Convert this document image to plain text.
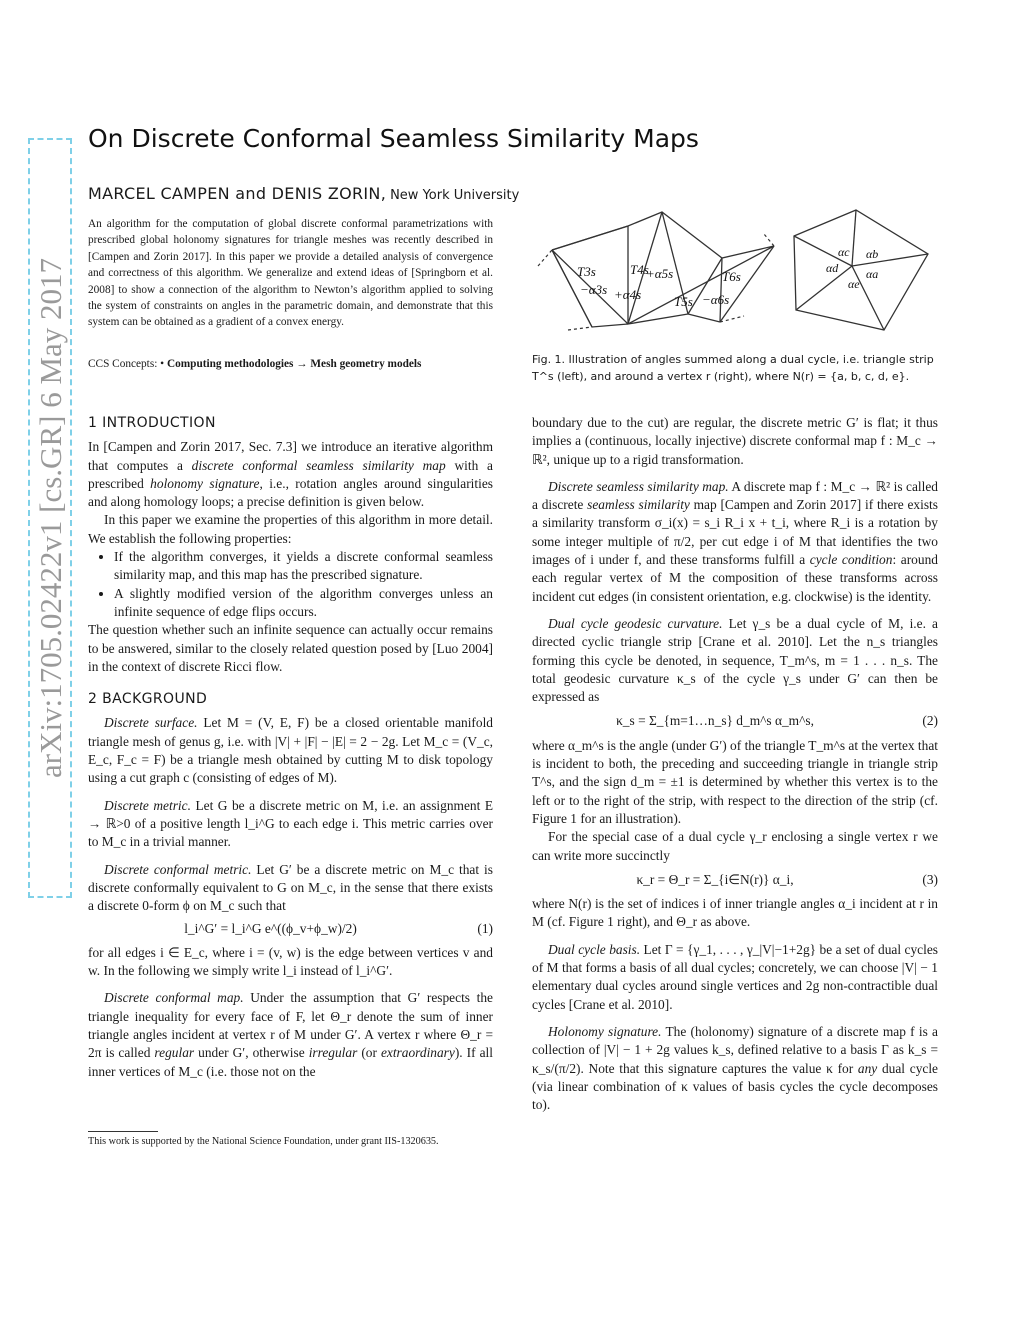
arXiv:1705.02422v1 [cs.GR] 6 May 2017
On Discrete Conformal Seamless Similarity Maps
MARCEL CAMPEN and DENIS ZORIN, New York University
An algorithm for the computation of global discrete conformal parametrizations with prescribed global holonomy signatures for triangle meshes was recently described in [Campen and Zorin 2017]. In this paper we provide a detailed analysis of convergence and correctness of this algorithm. We generalize and extend ideas of [Springborn et al. 2008] to show a connection of the algorithm to Newton’s algorithm applied to solving the system of constraints on angles in the parametric domain, and demonstrate that this system can be obtained as a gradient of a convex energy.
CCS Concepts: • Computing methodologies → Mesh geometry models
1 INTRODUCTION

In [Campen and Zorin 2017, Sec. 7.3] we introduce an iterative algorithm that computes a discrete conformal seamless similarity map with a prescribed holonomy signature, i.e., rotation angles around singularities and along homology loops; a precise definition is given below.

In this paper we examine the properties of this algorithm in more detail. We establish the following properties:

• If the algorithm converges, it yields a discrete conformal seamless similarity map, and this map has the prescribed signature.
• A slightly modified version of the algorithm converges unless an infinite sequence of edge flips occurs.

The question whether such an infinite sequence can actually occur remains to be answered, similar to the closely related question posed by [Luo 2004] in the context of discrete Ricci flow.

2 BACKGROUND

Discrete surface. Let M = (V, E, F) be a closed orientable manifold triangle mesh of genus g, i.e. with |V| + |F| − |E| = 2 − 2g. Let M_c = (V_c, E_c, F_c = F) be a triangle mesh obtained by cutting M to disk topology using a cut graph c (consisting of edges of M).

Discrete metric. Let G be a discrete metric on M, i.e. an assignment E → ℝ>0 of a positive length l_i^G to each edge i. This metric carries over to M_c in a trivial manner.

Discrete conformal metric. Let G′ be a discrete metric on M_c that is discrete conformally equivalent to G on M_c, in the sense that there exists a discrete 0-form ϕ on M_c such that

l_i^G′ = l_i^G e^((ϕ_v+ϕ_w)/2)	(1)

for all edges i ∈ E_c, where i = (v, w) is the edge between vertices v and w. In the following we simply write l_i instead of l_i^G′.

Discrete conformal map. Under the assumption that G′ respects the triangle inequality for every face of F, let Θ_r denote the sum of inner triangle angles incident at vertex r of M under G′. A vertex r where Θ_r = 2π is called regular under G′, otherwise irregular (or extraordinary). If all inner vertices of M_c (i.e. those not on the

This work is supported by the National Science Foundation, under grant IIS-1320635.
T3s	T4s
T5s
T6s
−α3s +α4s
+α5s
−α6s
αc αb
αd αa
αe
Fig. 1. Illustration of angles summed along a dual cycle, i.e. triangle strip T^s (left), and around a vertex r (right), where N(r) = {a, b, c, d, e}.

boundary due to the cut) are regular, the discrete metric G′ is flat; it thus implies a (continuous, locally injective) discrete conformal map f : M_c → ℝ², unique up to a rigid transformation.

Discrete seamless similarity map. A discrete map f : M_c → ℝ² is called a discrete seamless similarity map [Campen and Zorin 2017] if there exists a similarity transform σ_i(x) = s_i R_i x + t_i, where R_i is a rotation by some integer multiple of π/2, per cut edge i of M that identifies the two images of i under f, and these transforms fulfill a cycle condition: around each regular vertex of M the composition of these transforms across incident cut edges (in consistent orientation, e.g. clockwise) is the identity.

Dual cycle geodesic curvature. Let γ_s be a dual cycle of M, i.e. a directed cyclic triangle strip [Crane et al. 2010]. Let the n_s triangles forming this cycle be denoted, in sequence, T_m^s, m = 1 . . . n_s. The total geodesic curvature κ_s of the cycle γ_s under G′ can then be expressed as

κ_s = Σ_{m=1…n_s} d_m^s α_m^s,	(2)

where α_m^s is the angle (under G′) of the triangle T_m^s at the vertex that is incident to both, the preceding and succeeding triangle in triangle strip T^s, and the sign d_m = ±1 is determined by whether this vertex is to the left or to the right of the strip, with respect to the direction of the strip (cf. Figure 1 for an illustration).

For the special case of a dual cycle γ_r enclosing a single vertex r we can write more succinctly

κ_r = Θ_r = Σ_{i∈N(r)} α_i,	(3)

where N(r) is the set of indices i of inner triangle angles α_i incident at r in M (cf. Figure 1 right), and Θ_r as above.

Dual cycle basis. Let Γ = {γ_1, . . . , γ_|V|−1+2g} be a set of dual cycles of M that forms a basis of all dual cycles; concretely, we can choose |V| − 1 elementary dual cycles around single vertices and 2g non-contractible dual cycles [Crane et al. 2010].

Holonomy signature. The (holonomy) signature of a discrete map f is a collection of |V| − 1 + 2g values k_s, defined relative to a basis Γ as k_s = κ_s/(π/2). Note that this signature captures the value κ for any dual cycle (via linear combination of κ values of basis cycles the cycle decomposes to).
